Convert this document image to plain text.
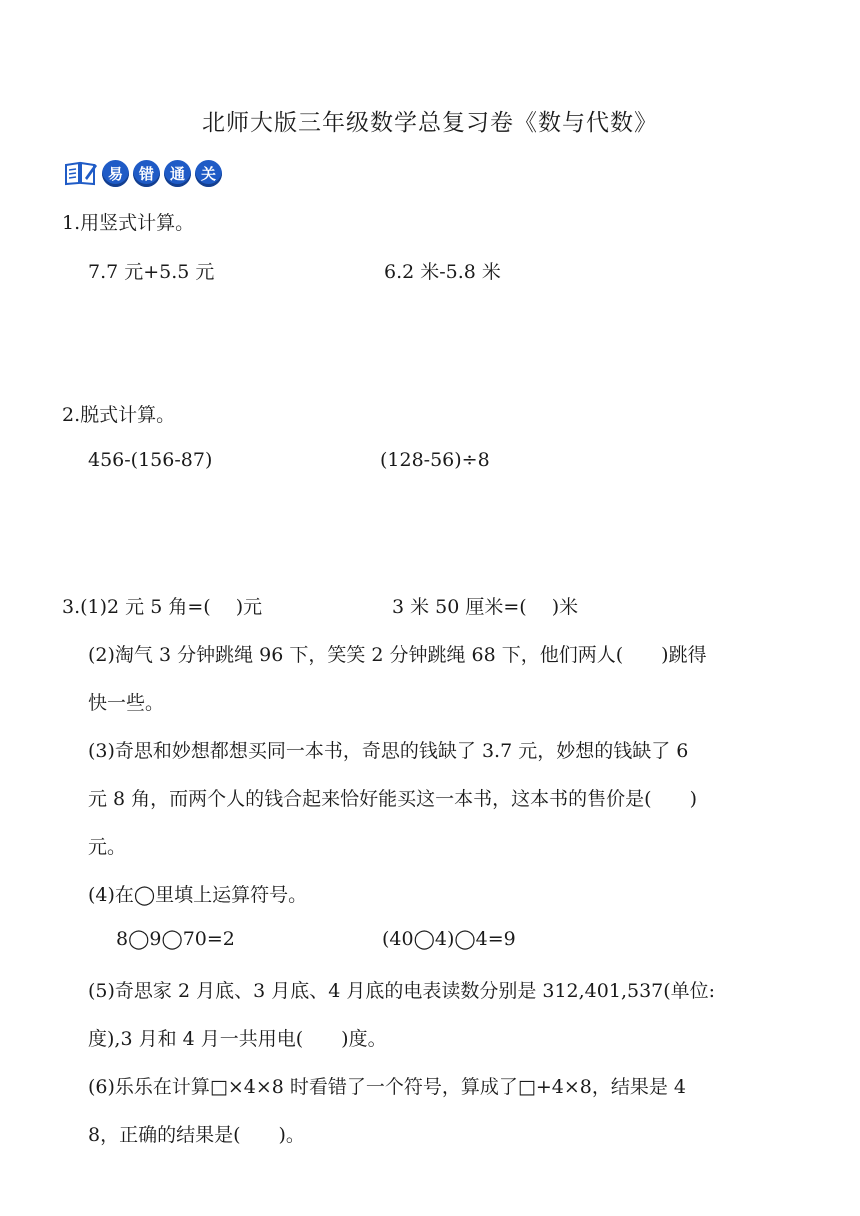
北师大版三年级数学总复习卷《数与代数》
易	错	通	关
1.用竖式计算。
7.7 元+5.5 元	6.2 米-5.8 米
2.脱式计算。
456-(156-87)	(128-56)÷8
3.(1)2 元 5 角=(　 )元	3 米 50 厘米=(　 )米
(2)淘气 3 分钟跳绳 96 下，笑笑 2 分钟跳绳 68 下，他们两人(　　)跳得
快一些。
(3)奇思和妙想都想买同一本书，奇思的钱缺了 3.7 元，妙想的钱缺了 6
元 8 角，而两个人的钱合起来恰好能买这一本书，这本书的售价是(　　)
元。
(4)在◯里填上运算符号。
8◯9◯70=2	(40◯4)◯4=9
(5)奇思家 2 月底、3 月底、4 月底的电表读数分别是 312,401,537(单位:
度),3 月和 4 月一共用电(　　)度。
(6)乐乐在计算□×4×8 时看错了一个符号，算成了□+4×8，结果是 4
8，正确的结果是(　　)。
